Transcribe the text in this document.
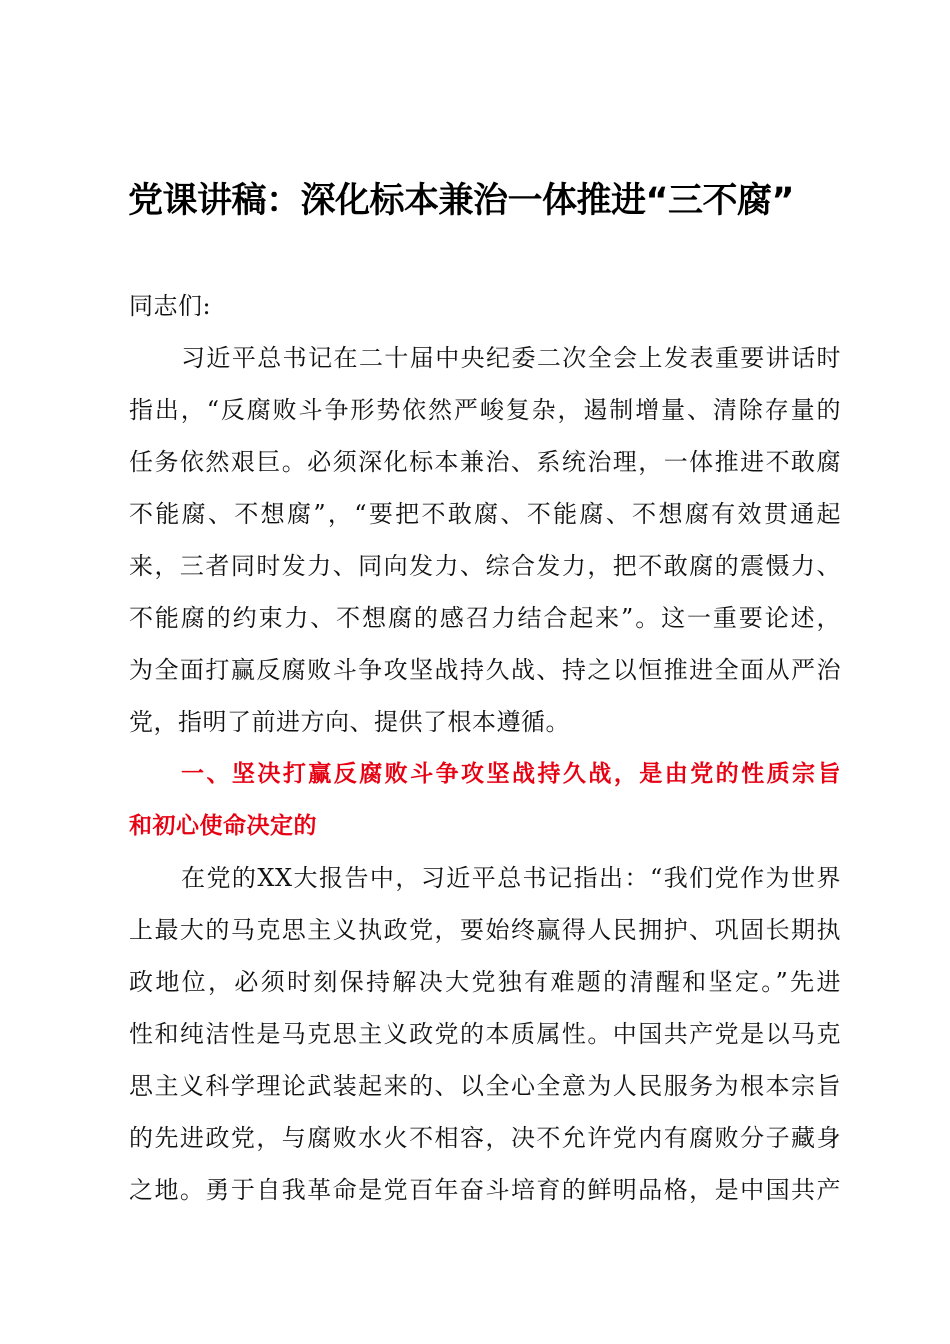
党课讲稿：深化标本兼治一体推进“三不腐”
同志们:
习近平总书记在二十届中央纪委二次全会上发表重要讲话时
指出，“反腐败斗争形势依然严峻复杂，遏制增量、清除存量的
任务依然艰巨。必须深化标本兼治、系统治理，一体推进不敢腐
不能腐、不想腐”，“要把不敢腐、不能腐、不想腐有效贯通起
来，三者同时发力、同向发力、综合发力，把不敢腐的震慑力、
不能腐的约束力、不想腐的感召力结合起来”。这一重要论述，
为全面打赢反腐败斗争攻坚战持久战、持之以恒推进全面从严治
党，指明了前进方向、提供了根本遵循。
一、坚决打赢反腐败斗争攻坚战持久战，是由党的性质宗旨
和初心使命决定的
在党的XX大报告中，习近平总书记指出：“我们党作为世界
上最大的马克思主义执政党，要始终赢得人民拥护、巩固长期执
政地位，必须时刻保持解决大党独有难题的清醒和坚定。”先进
性和纯洁性是马克思主义政党的本质属性。中国共产党是以马克
思主义科学理论武装起来的、以全心全意为人民服务为根本宗旨
的先进政党，与腐败水火不相容，决不允许党内有腐败分子藏身
之地。勇于自我革命是党百年奋斗培育的鲜明品格，是中国共产
